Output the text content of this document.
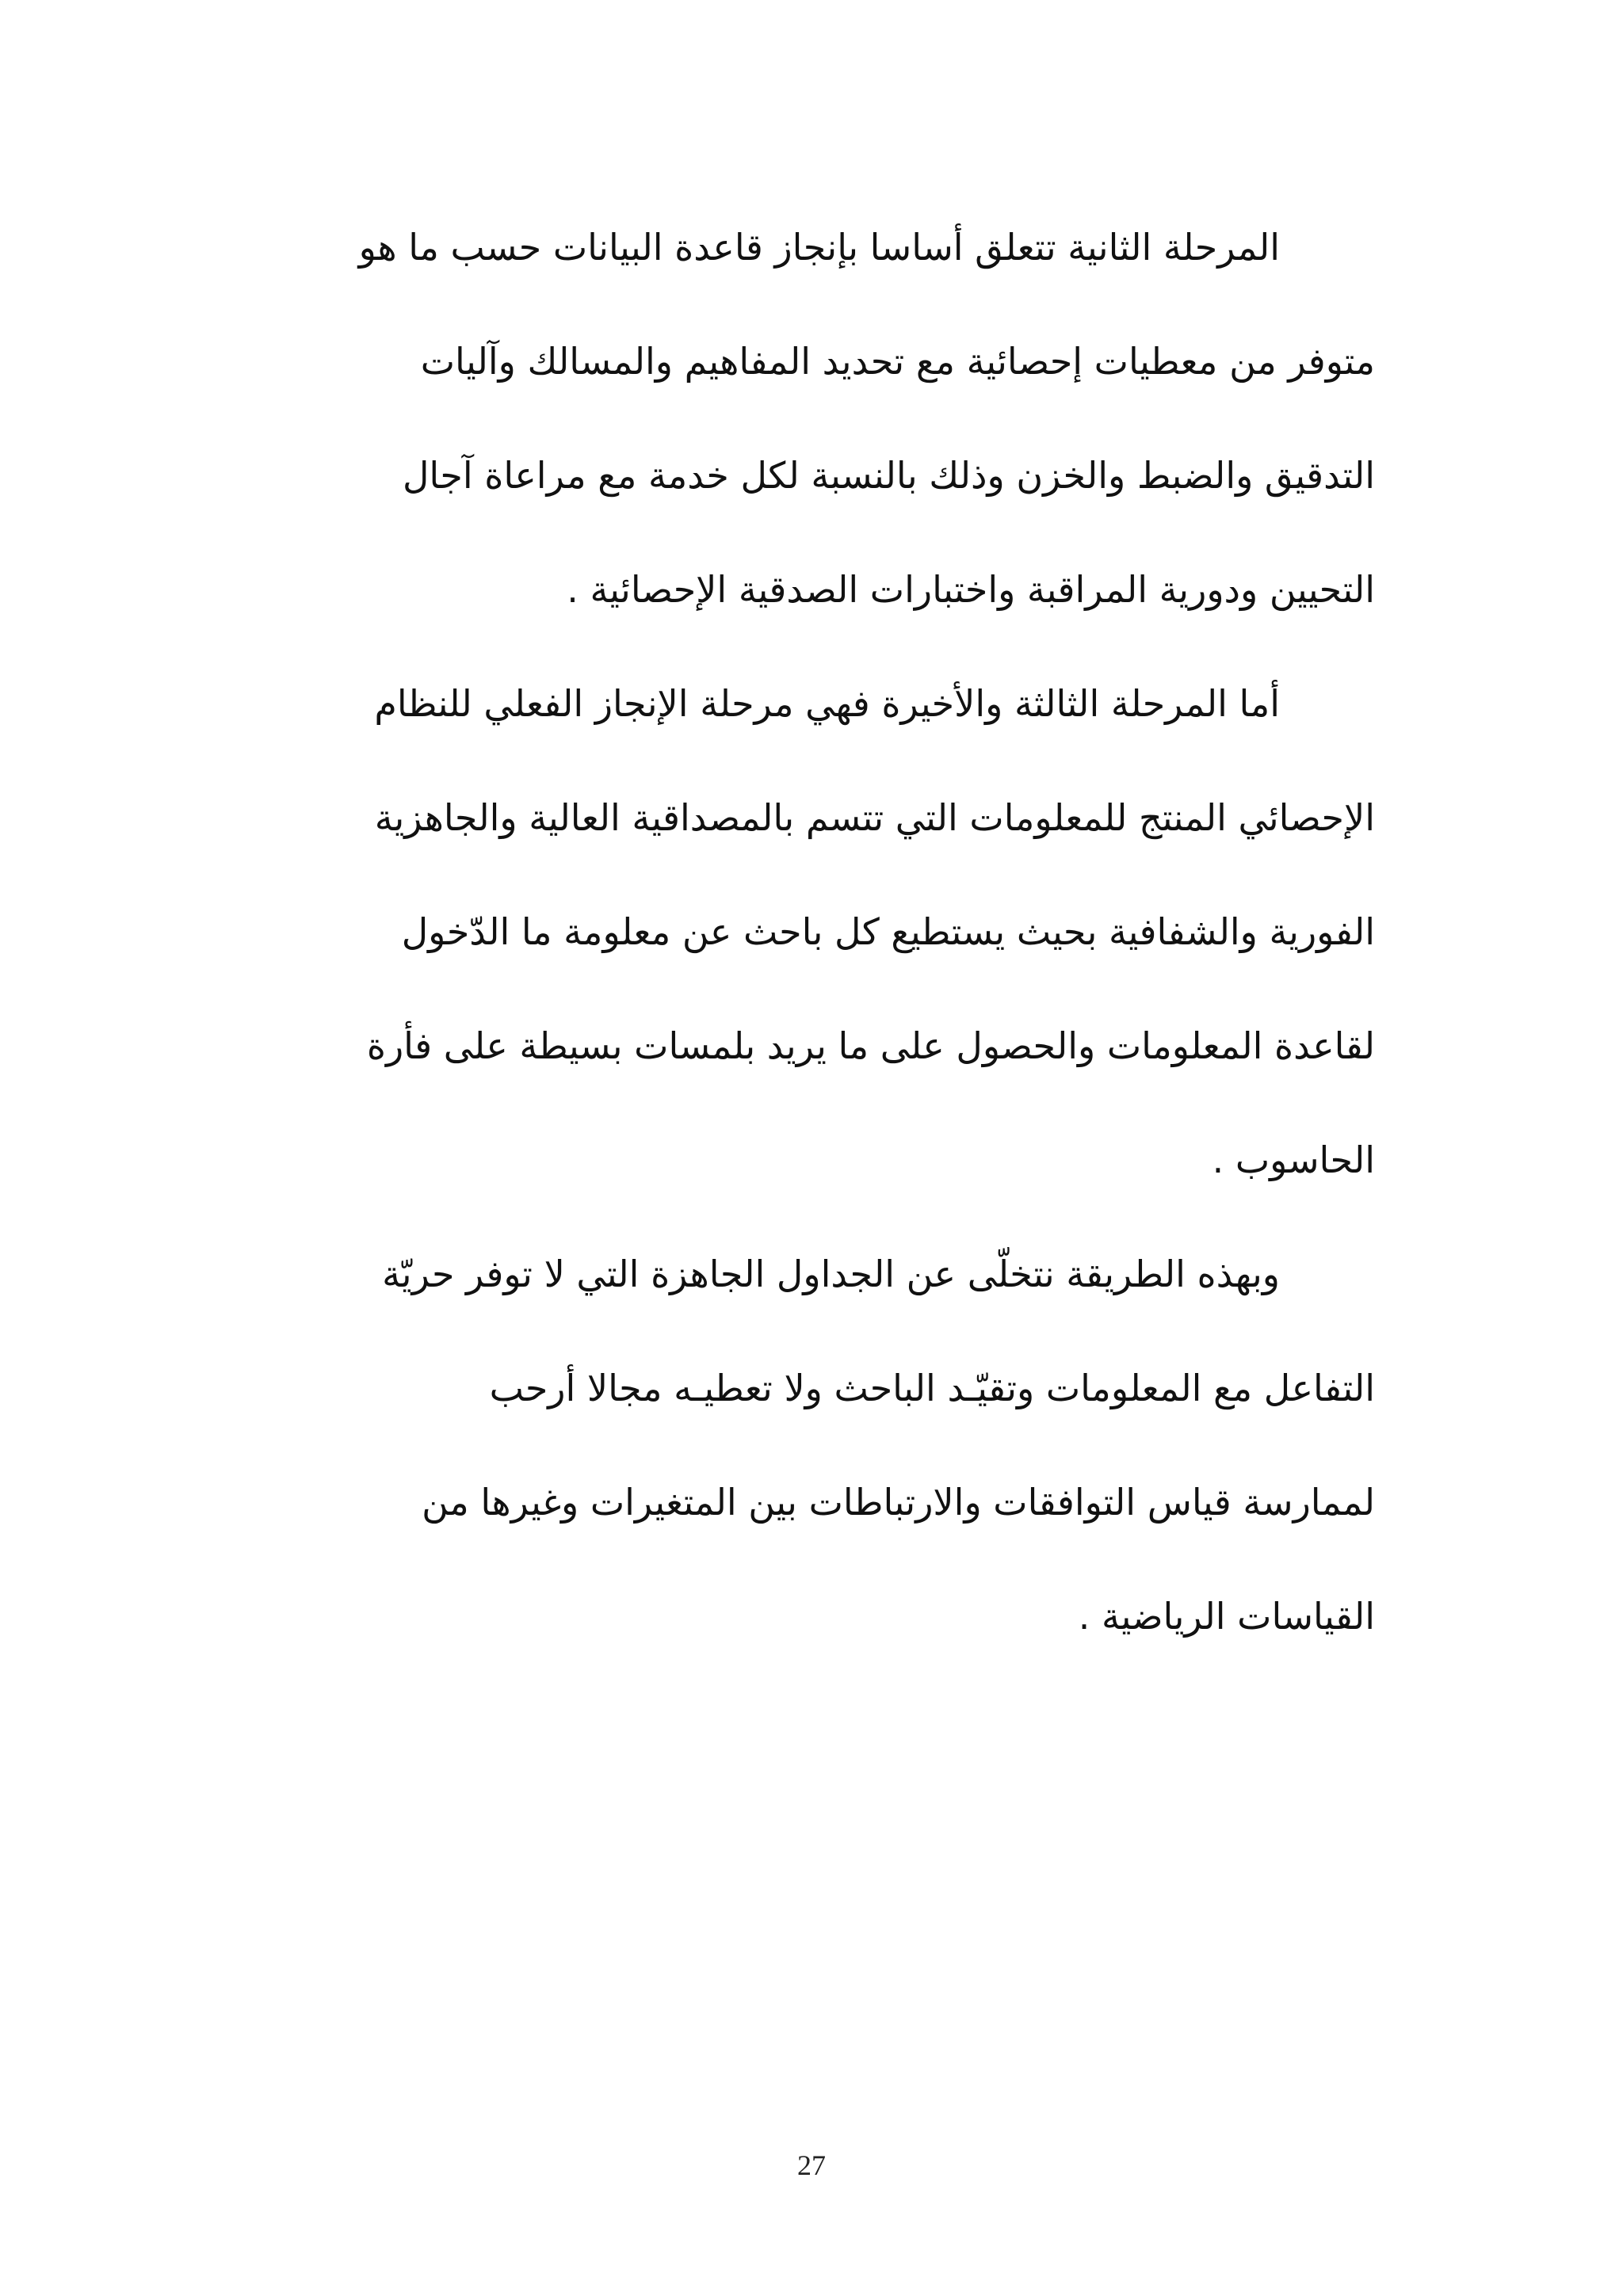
المرحلة الثانية تتعلق أساسا بإنجاز قاعدة البيانات حسب ما هو
متوفر من معطيات إحصائية مع تحديد المفاهيم والمسالك وآليات
التدقيق والضبط والخزن وذلك بالنسبة لكل خدمة مع مراعاة آجال
التحيين ودورية المراقبة واختبارات الصدقية الإحصائية .
أما المرحلة الثالثة والأخيرة فهي مرحلة الإنجاز الفعلي للنظام
الإحصائي المنتج للمعلومات التي تتسم بالمصداقية العالية والجاهزية
الفورية والشفافية بحيث يستطيع كل باحث عن معلومة ما الدّخول
لقاعدة المعلومات والحصول على ما يريد بلمسات بسيطة على فأرة
الحاسوب .
وبهذه الطريقة نتخلّى عن الجداول الجاهزة التي لا توفر حريّة
التفاعل مع المعلومات وتقيّـد الباحث ولا تعطيـه مجالا أرحب
لممارسة قياس التوافقات والارتباطات بين المتغيرات وغيرها من
القياسات الرياضية .
27
